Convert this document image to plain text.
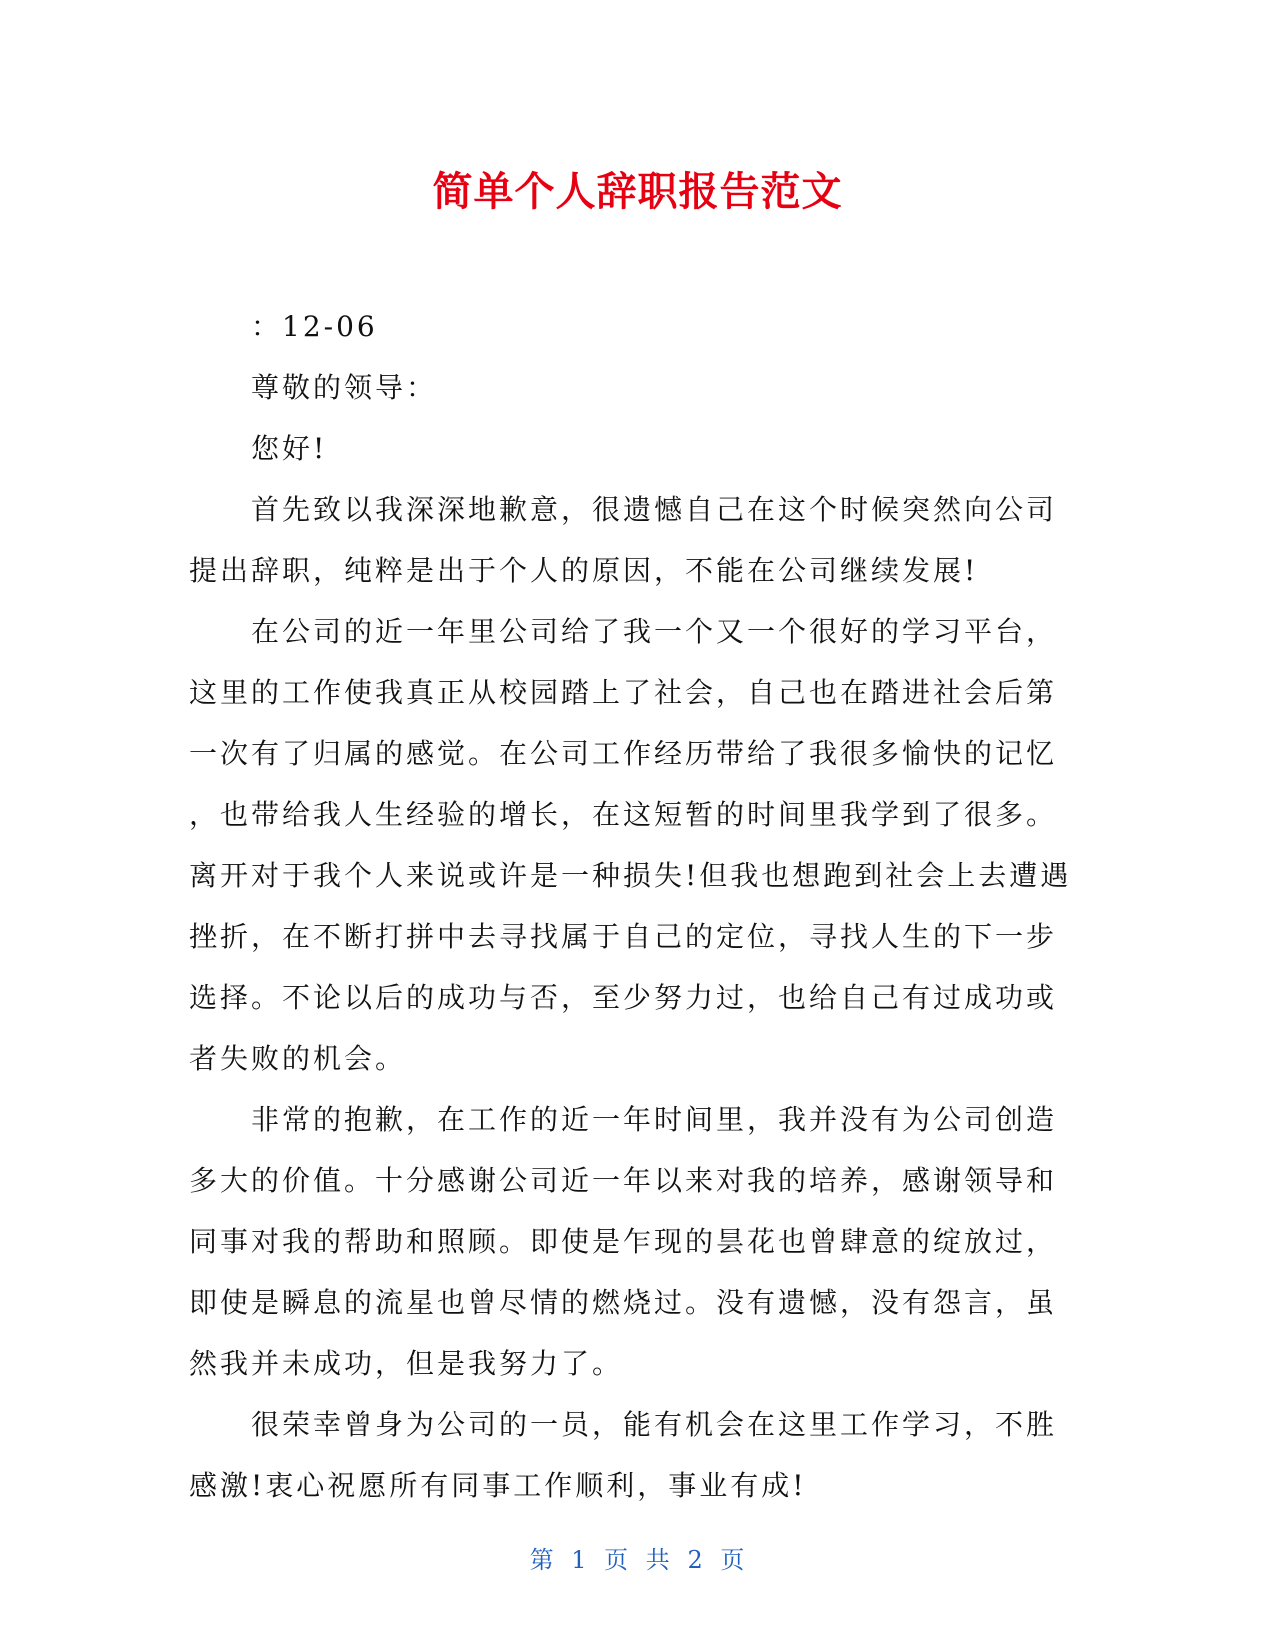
简单个人辞职报告范文

：12-06

尊敬的领导：

您好!

首先致以我深深地歉意，很遗憾自己在这个时候突然向公司

提出辞职，纯粹是出于个人的原因，不能在公司继续发展!

在公司的近一年里公司给了我一个又一个很好的学习平台，

这里的工作使我真正从校园踏上了社会，自己也在踏进社会后第

一次有了归属的感觉。在公司工作经历带给了我很多愉快的记忆

，也带给我人生经验的增长，在这短暂的时间里我学到了很多。

离开对于我个人来说或许是一种损失!但我也想跑到社会上去遭遇

挫折，在不断打拼中去寻找属于自己的定位，寻找人生的下一步

选择。不论以后的成功与否，至少努力过，也给自己有过成功或

者失败的机会。

非常的抱歉，在工作的近一年时间里，我并没有为公司创造

多大的价值。十分感谢公司近一年以来对我的培养，感谢领导和

同事对我的帮助和照顾。即使是乍现的昙花也曾肆意的绽放过，

即使是瞬息的流星也曾尽情的燃烧过。没有遗憾，没有怨言，虽

然我并未成功，但是我努力了。

很荣幸曾身为公司的一员，能有机会在这里工作学习，不胜

感激!衷心祝愿所有同事工作顺利，事业有成!

第 1 页 共 2 页
